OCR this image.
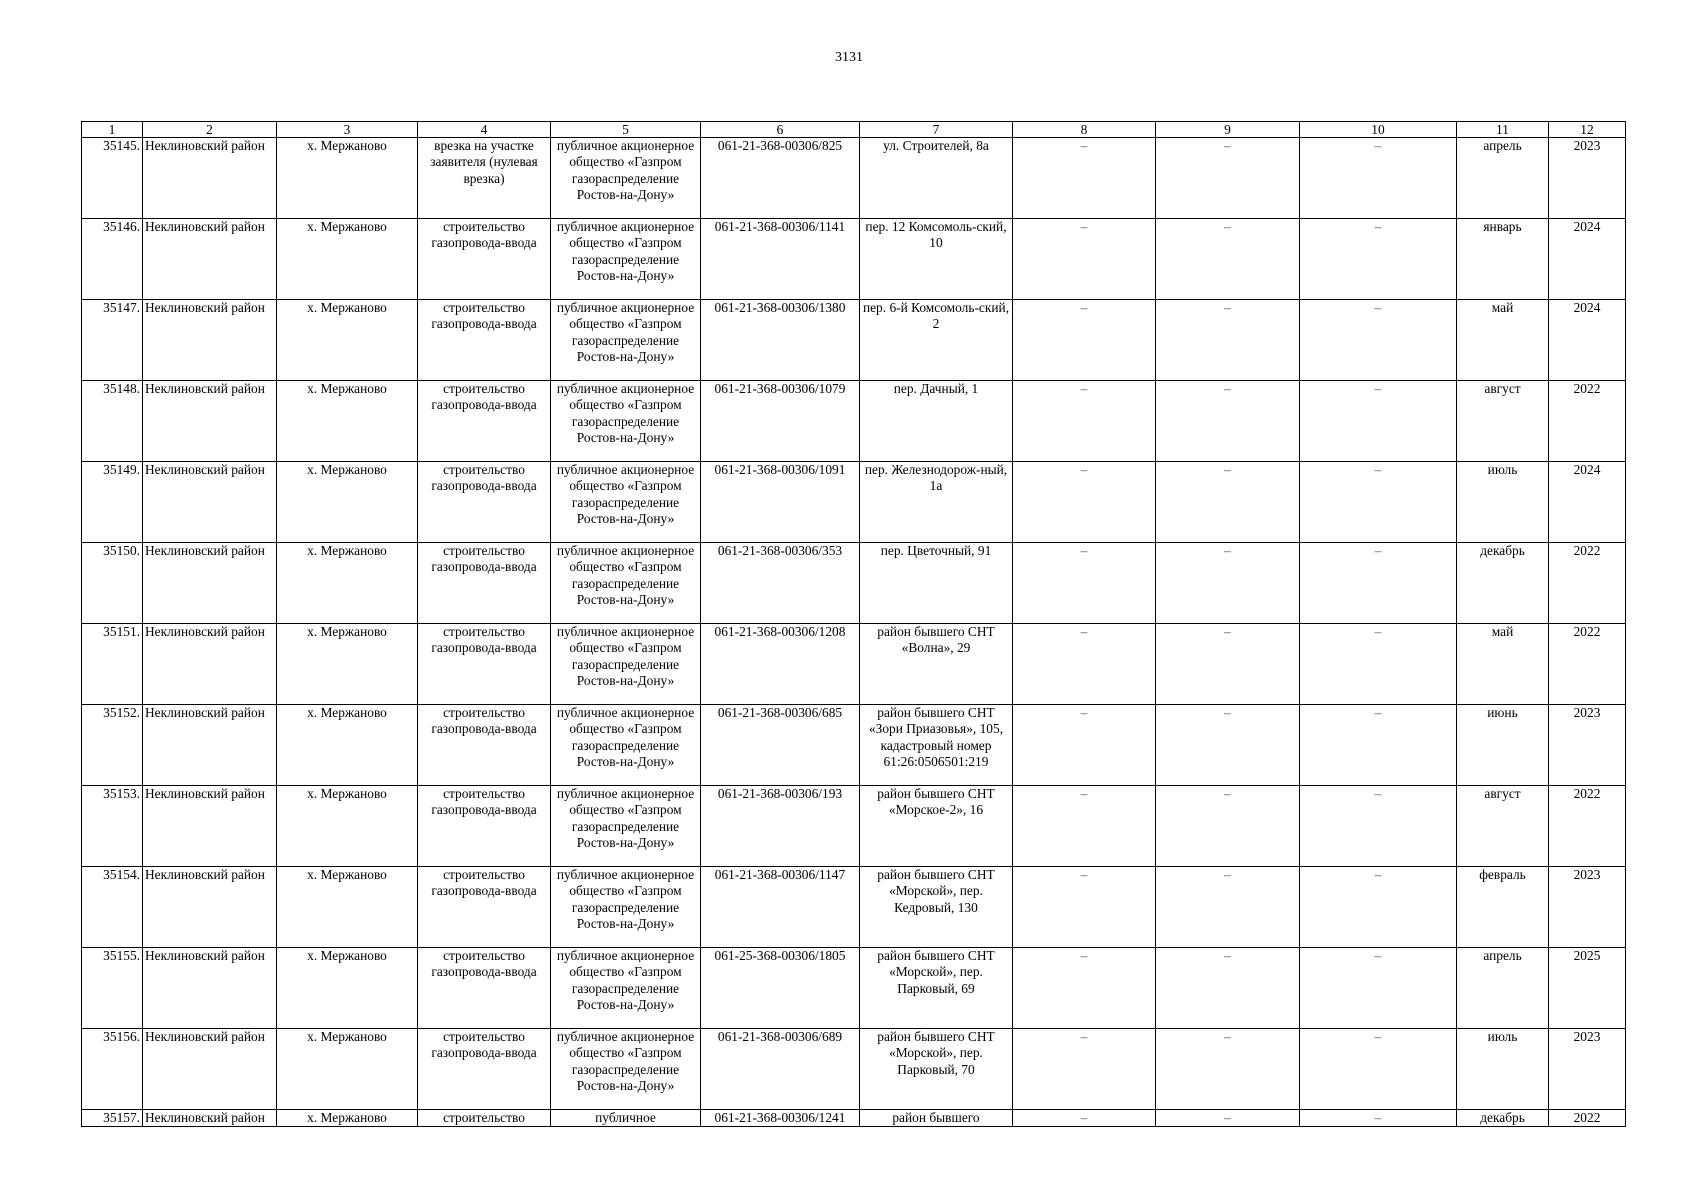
3131
1	2	3	4	5	6	7	8	9	10	11	12
35145.	Неклиновский район	х. Мержаново	врезка на участке заявителя (нулевая врезка)	публичное акционерное общество «Газпром газораспределение Ростов-на-Дону»	061-21-368-00306/825	ул. Строителей, 8а	–	–	–	апрель	2023
35146.	Неклиновский район	х. Мержаново	строительство газопровода-ввода	публичное акционерное общество «Газпром газораспределение Ростов-на-Дону»	061-21-368-00306/1141	пер. 12 Комсомоль-ский, 10	–	–	–	январь	2024
35147.	Неклиновский район	х. Мержаново	строительство газопровода-ввода	публичное акционерное общество «Газпром газораспределение Ростов-на-Дону»	061-21-368-00306/1380	пер. 6-й Комсомоль-ский, 2	–	–	–	май	2024
35148.	Неклиновский район	х. Мержаново	строительство газопровода-ввода	публичное акционерное общество «Газпром газораспределение Ростов-на-Дону»	061-21-368-00306/1079	пер. Дачный, 1	–	–	–	август	2022
35149.	Неклиновский район	х. Мержаново	строительство газопровода-ввода	публичное акционерное общество «Газпром газораспределение Ростов-на-Дону»	061-21-368-00306/1091	пер. Железнодорож-ный, 1а	–	–	–	июль	2024
35150.	Неклиновский район	х. Мержаново	строительство газопровода-ввода	публичное акционерное общество «Газпром газораспределение Ростов-на-Дону»	061-21-368-00306/353	пер. Цветочный, 91	–	–	–	декабрь	2022
35151.	Неклиновский район	х. Мержаново	строительство газопровода-ввода	публичное акционерное общество «Газпром газораспределение Ростов-на-Дону»	061-21-368-00306/1208	район бывшего СНТ «Волна», 29	–	–	–	май	2022
35152.	Неклиновский район	х. Мержаново	строительство газопровода-ввода	публичное акционерное общество «Газпром газораспределение Ростов-на-Дону»	061-21-368-00306/685	район бывшего СНТ «Зори Приазовья», 105, кадастровый номер 61:26:0506501:219	–	–	–	июнь	2023
35153.	Неклиновский район	х. Мержаново	строительство газопровода-ввода	публичное акционерное общество «Газпром газораспределение Ростов-на-Дону»	061-21-368-00306/193	район бывшего СНТ «Морское-2», 16	–	–	–	август	2022
35154.	Неклиновский район	х. Мержаново	строительство газопровода-ввода	публичное акционерное общество «Газпром газораспределение Ростов-на-Дону»	061-21-368-00306/1147	район бывшего СНТ «Морской», пер. Кедровый, 130	–	–	–	февраль	2023
35155.	Неклиновский район	х. Мержаново	строительство газопровода-ввода	публичное акционерное общество «Газпром газораспределение Ростов-на-Дону»	061-25-368-00306/1805	район бывшего СНТ «Морской», пер. Парковый, 69	–	–	–	апрель	2025
35156.	Неклиновский район	х. Мержаново	строительство газопровода-ввода	публичное акционерное общество «Газпром газораспределение Ростов-на-Дону»	061-21-368-00306/689	район бывшего СНТ «Морской», пер. Парковый, 70	–	–	–	июль	2023
35157.	Неклиновский район	х. Мержаново	строительство	публичное	061-21-368-00306/1241	район бывшего	–	–	–	декабрь	2022
